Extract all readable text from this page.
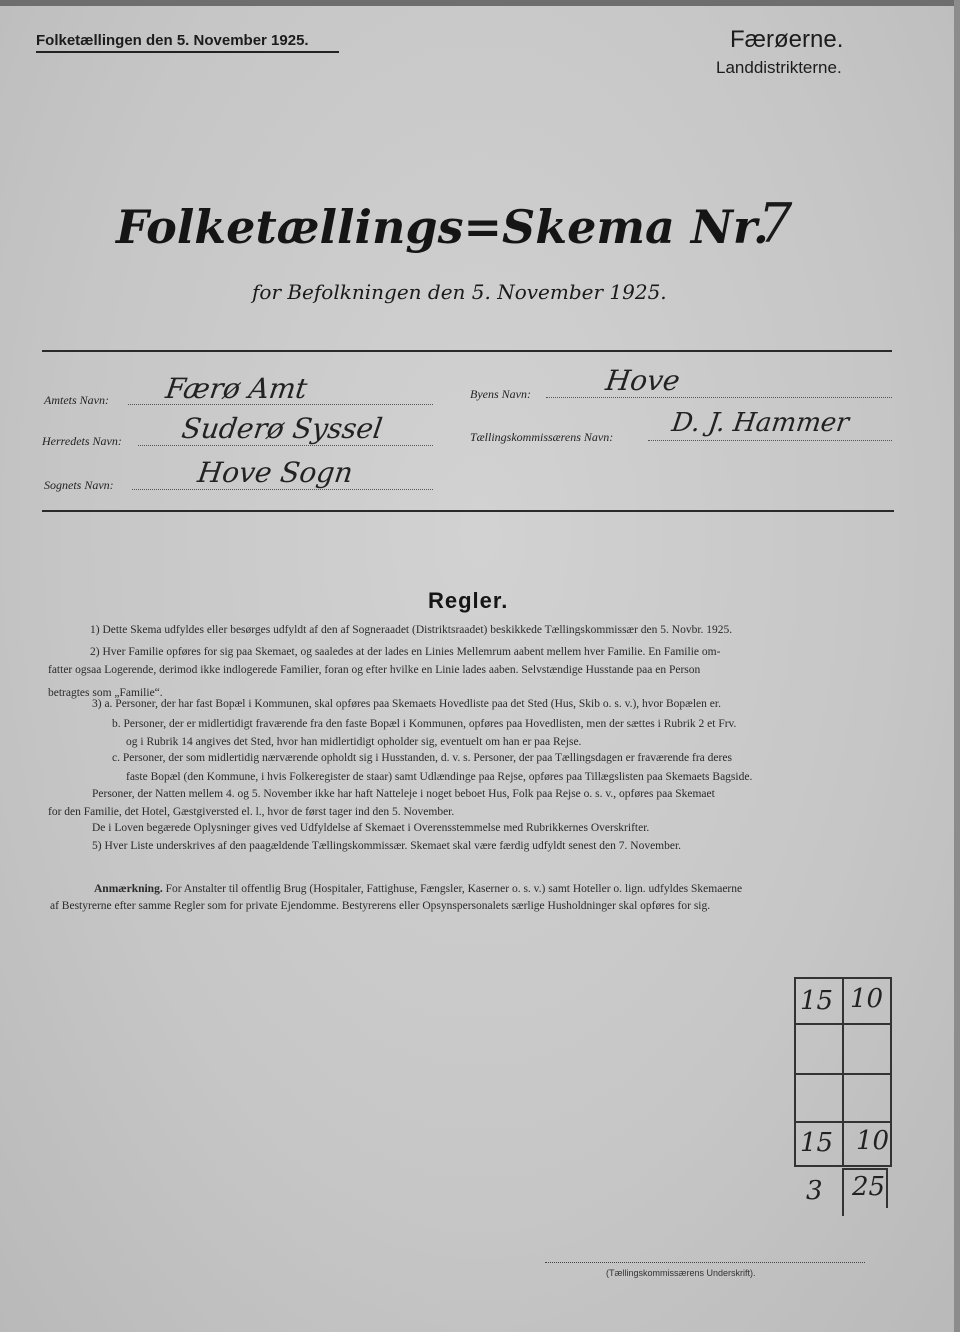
Folketællingen den 5. November 1925.	Færøerne.
Landdistrikterne.
Folketællings=Skema Nr.
7
for Befolkningen den 5. November 1925.
Amtets Navn: Færø Amt
Herredets Navn: Suderø Syssel
Sognets Navn:	Hove Sogn
Byens Navn:	Hove
Tællingskommissærens Navn: D. J. Hammer
Regler.
1) Dette Skema udfyldes eller besørges udfyldt af den af Sogneraadet (Distriktsraadet) beskikkede Tællingskommissær den 5. Novbr. 1925.
2) Hver Familie opføres for sig paa Skemaet, og saaledes at der lades en Linies Mellemrum aabent mellem hver Familie. En Familie om-
fatter ogsaa Logerende, derimod ikke indlogerede Familier, foran og efter hvilke en Linie lades aaben. Selvstændige Husstande paa en Person
betragtes som „Familie“.
3) a. Personer, der har fast Bopæl i Kommunen, skal opføres paa Skemaets Hovedliste paa det Sted (Hus, Skib o. s. v.), hvor Bopælen er.
b. Personer, der er midlertidigt fraværende fra den faste Bopæl i Kommunen, opføres paa Hovedlisten, men der sættes i Rubrik 2 et Frv.
og i Rubrik 14 angives det Sted, hvor han midlertidigt opholder sig, eventuelt om han er paa Rejse.
c. Personer, der som midlertidig nærværende opholdt sig i Husstanden, d. v. s. Personer, der paa Tællingsdagen er fraværende fra deres
faste Bopæl (den Kommune, i hvis Folkeregister de staar) samt Udlændinge paa Rejse, opføres paa Tillægslisten paa Skemaets Bagside.
Personer, der Natten mellem 4. og 5. November ikke har haft Natteleje i noget beboet Hus, Folk paa Rejse o. s. v., opføres paa Skemaet
for den Familie, det Hotel, Gæstgiversted el. l., hvor de først tager ind den 5. November.
De i Loven begærede Oplysninger gives ved Udfyldelse af Skemaet i Overensstemmelse med Rubrikkernes Overskrifter.
5) Hver Liste underskrives af den paagældende Tællingskommissær. Skemaet skal være færdig udfyldt senest den 7. November.
Anmærkning. For Anstalter til offentlig Brug (Hospitaler, Fattighuse, Fængsler, Kaserner o. s. v.) samt Hoteller o. lign. udfyldes Skemaerne
af Bestyrerne efter samme Regler som for private Ejendomme. Bestyrerens eller Opsynspersonalets særlige Husholdninger skal opføres for sig.
15 10
15 10
3 25
(Tællingskommissærens Underskrift).
